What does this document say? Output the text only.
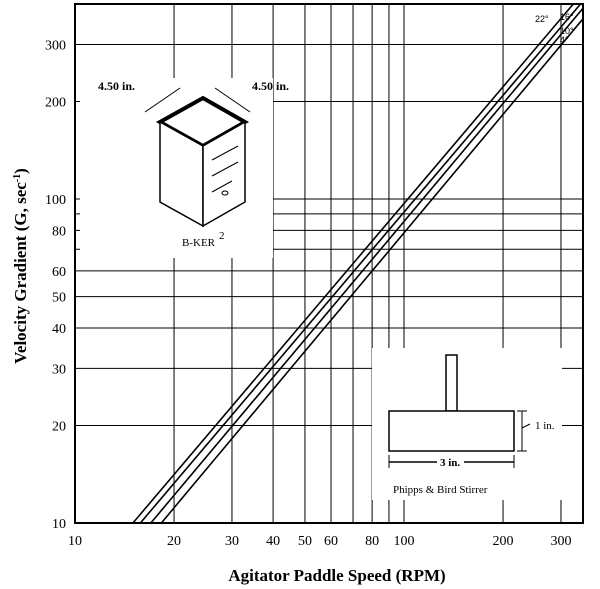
22° 16°
10°
4°
10	20	30 40 50 60 80 100	200	300
10
20
30
40
50
60
80
100
200
300
4.50 in.	4.50 in.
B-KER
2
1 in.
3 in.
Phipps & Bird Stirrer
Agitator Paddle Speed (RPM)
Velocity Gradient (G, $\sec^{-1}$)
